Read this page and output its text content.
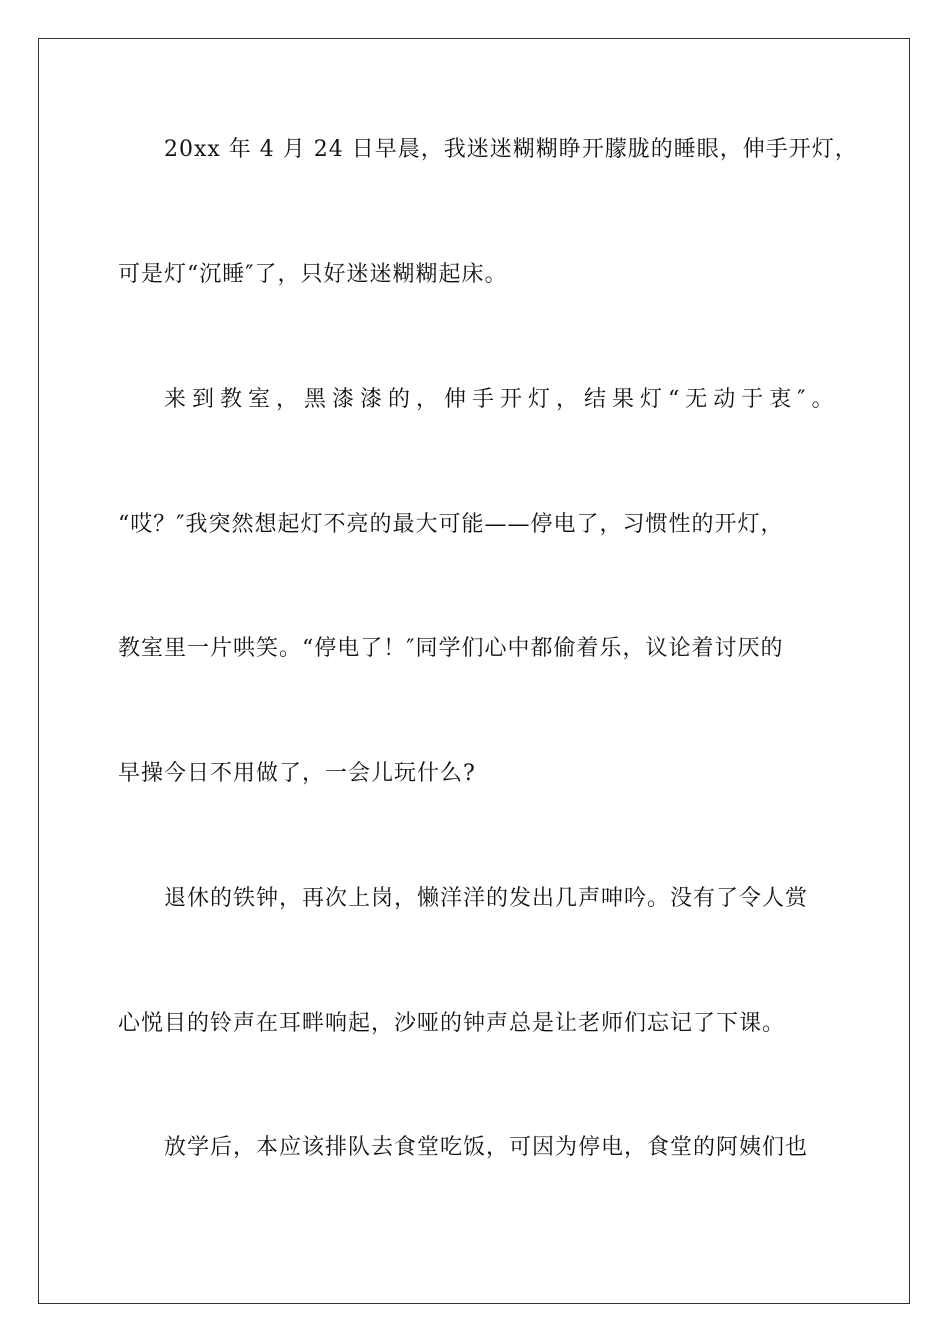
20xx 年 4 月 24 日早晨，我迷迷糊糊睁开朦胧的睡眼，伸手开灯，
可是灯“沉睡″了，只好迷迷糊糊起床。
来到教室，黑漆漆的，伸手开灯，结果灯“无动于衷″。
“哎？″我突然想起灯不亮的最大可能——停电了，习惯性的开灯，
教室里一片哄笑。“停电了！″同学们心中都偷着乐，议论着讨厌的
早操今日不用做了，一会儿玩什么?
退休的铁钟，再次上岗，懒洋洋的发出几声呻吟。没有了令人赏
心悦目的铃声在耳畔响起，沙哑的钟声总是让老师们忘记了下课。
放学后，本应该排队去食堂吃饭，可因为停电，食堂的阿姨们也
